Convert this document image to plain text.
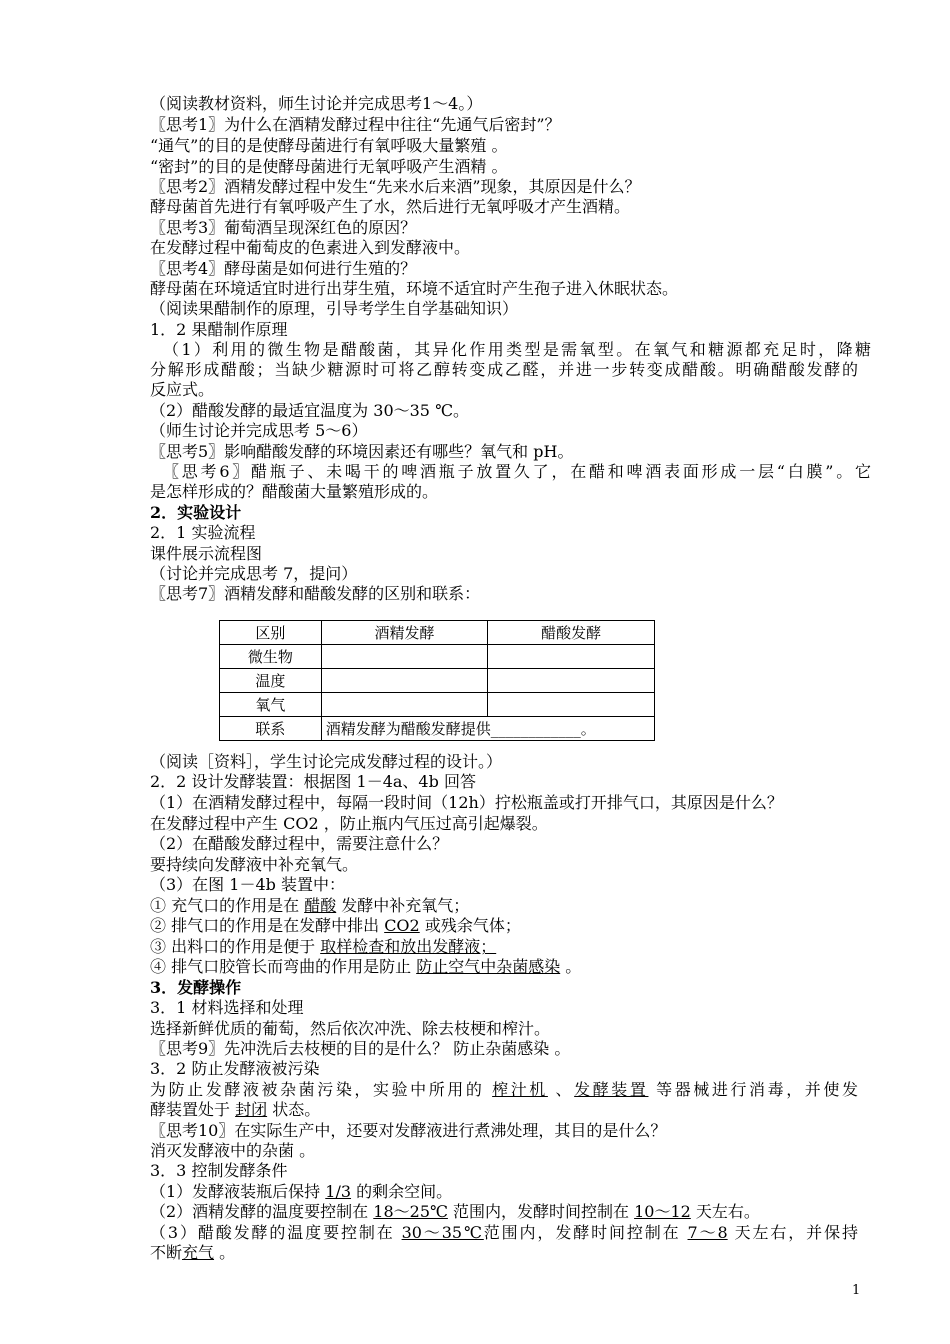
（阅读教材资料，师生讨论并完成思考1～4。）
〖思考1〗为什么在酒精发酵过程中往往“先通气后密封”？
“通气”的目的是使酵母菌进行有氧呼吸大量繁殖 。
“密封”的目的是使酵母菌进行无氧呼吸产生酒精 。
〖思考2〗酒精发酵过程中发生“先来水后来酒”现象，其原因是什么？
酵母菌首先进行有氧呼吸产生了水，然后进行无氧呼吸才产生酒精。
〖思考3〗葡萄酒呈现深红色的原因？
在发酵过程中葡萄皮的色素进入到发酵液中。
〖思考4〗酵母菌是如何进行生殖的？
酵母菌在环境适宜时进行出芽生殖，环境不适宜时产生孢子进入休眠状态。
（阅读果醋制作的原理，引导考学生自学基础知识）
1．2 果醋制作原理
（1）利用的微生物是醋酸菌，其异化作用类型是需氧型。在氧气和糖源都充足时，降糖
分解形成醋酸；当缺少糖源时可将乙醇转变成乙醛，并进一步转变成醋酸。明确醋酸发酵的
反应式。
（2）醋酸发酵的最适宜温度为 30～35 ℃。
（师生讨论并完成思考 5～6）
〖思考5〗影响醋酸发酵的环境因素还有哪些？氧气和 pH。
〖思考6〗醋瓶子、未喝干的啤酒瓶子放置久了，在醋和啤酒表面形成一层“白膜”。它
是怎样形成的？醋酸菌大量繁殖形成的。
2．实验设计
2．1 实验流程
课件展示流程图
（讨论并完成思考 7，提问）
〖思考7〗酒精发酵和醋酸发酵的区别和联系：
区别	酒精发酵	醋酸发酵
微生物		
温度		
氧气		
联系	酒精发酵为醋酸发酵提供____________。	
（阅读［资料］，学生讨论完成发酵过程的设计。）
2．2 设计发酵装置：根据图 1－4a、4b 回答
（1）在酒精发酵过程中，每隔一段时间（12h）拧松瓶盖或打开排气口，其原因是什么？
在发酵过程中产生 CO2 ，防止瓶内气压过高引起爆裂。
（2）在醋酸发酵过程中，需要注意什么？
要持续向发酵液中补充氧气。
（3）在图 1－4b 装置中：
① 充气口的作用是在 醋酸 发酵中补充氧气；
② 排气口的作用是在发酵中排出 CO2 或残余气体；
③ 出料口的作用是便于 取样检查和放出发酵液；
④ 排气口胶管长而弯曲的作用是防止 防止空气中杂菌感染 。
3．发酵操作
3．1 材料选择和处理
选择新鲜优质的葡萄，然后依次冲洗、除去枝梗和榨汁。
〖思考9〗先冲洗后去枝梗的目的是什么？ 防止杂菌感染 。
3．2 防止发酵液被污染
为防止发酵液被杂菌污染，实验中所用的 榨汁机 、发酵装置 等器械进行消毒，并使发
酵装置处于 封闭 状态。
〖思考10〗在实际生产中，还要对发酵液进行煮沸处理，其目的是什么？
消灭发酵液中的杂菌 。
3．3 控制发酵条件
（1）发酵液装瓶后保持 1/3 的剩余空间。
（2）酒精发酵的温度要控制在 18～25℃ 范围内，发酵时间控制在 10～12 天左右。
（3）醋酸发酵的温度要控制在 30～35℃范围内，发酵时间控制在 7～8 天左右，并保持
不断充气 。
1
